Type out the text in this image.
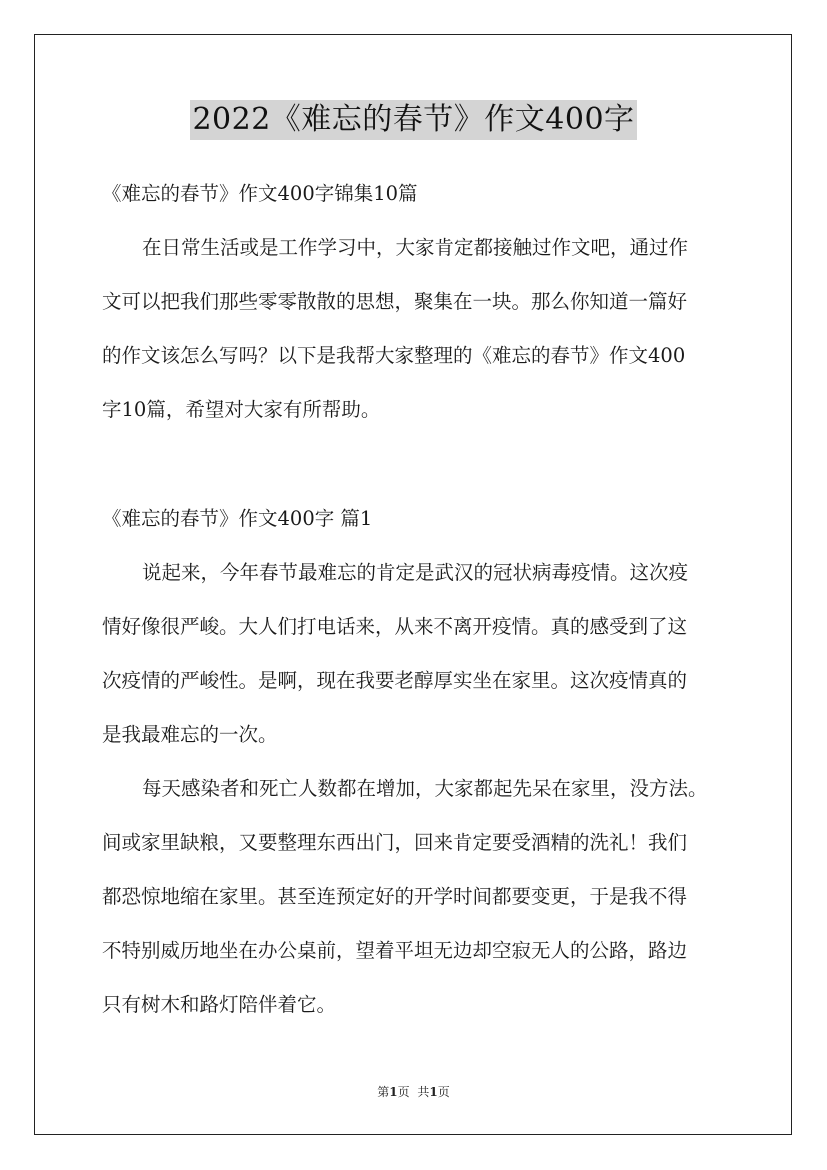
2022《难忘的春节》作文400字
《难忘的春节》作文400字锦集10篇
在日常生活或是工作学习中，大家肯定都接触过作文吧，通过作
文可以把我们那些零零散散的思想，聚集在一块。那么你知道一篇好
的作文该怎么写吗？以下是我帮大家整理的《难忘的春节》作文400
字10篇，希望对大家有所帮助。
《难忘的春节》作文400字 篇1
说起来，今年春节最难忘的肯定是武汉的冠状病毒疫情。这次疫
情好像很严峻。大人们打电话来，从来不离开疫情。真的感受到了这
次疫情的严峻性。是啊，现在我要老醇厚实坐在家里。这次疫情真的
是我最难忘的一次。
每天感染者和死亡人数都在增加，大家都起先呆在家里，没方法。
间或家里缺粮，又要整理东西出门，回来肯定要受酒精的洗礼！我们
都恐惊地缩在家里。甚至连预定好的开学时间都要变更，于是我不得
不特别威历地坐在办公桌前，望着平坦无边却空寂无人的公路，路边
只有树木和路灯陪伴着它。
第1页 共1页
